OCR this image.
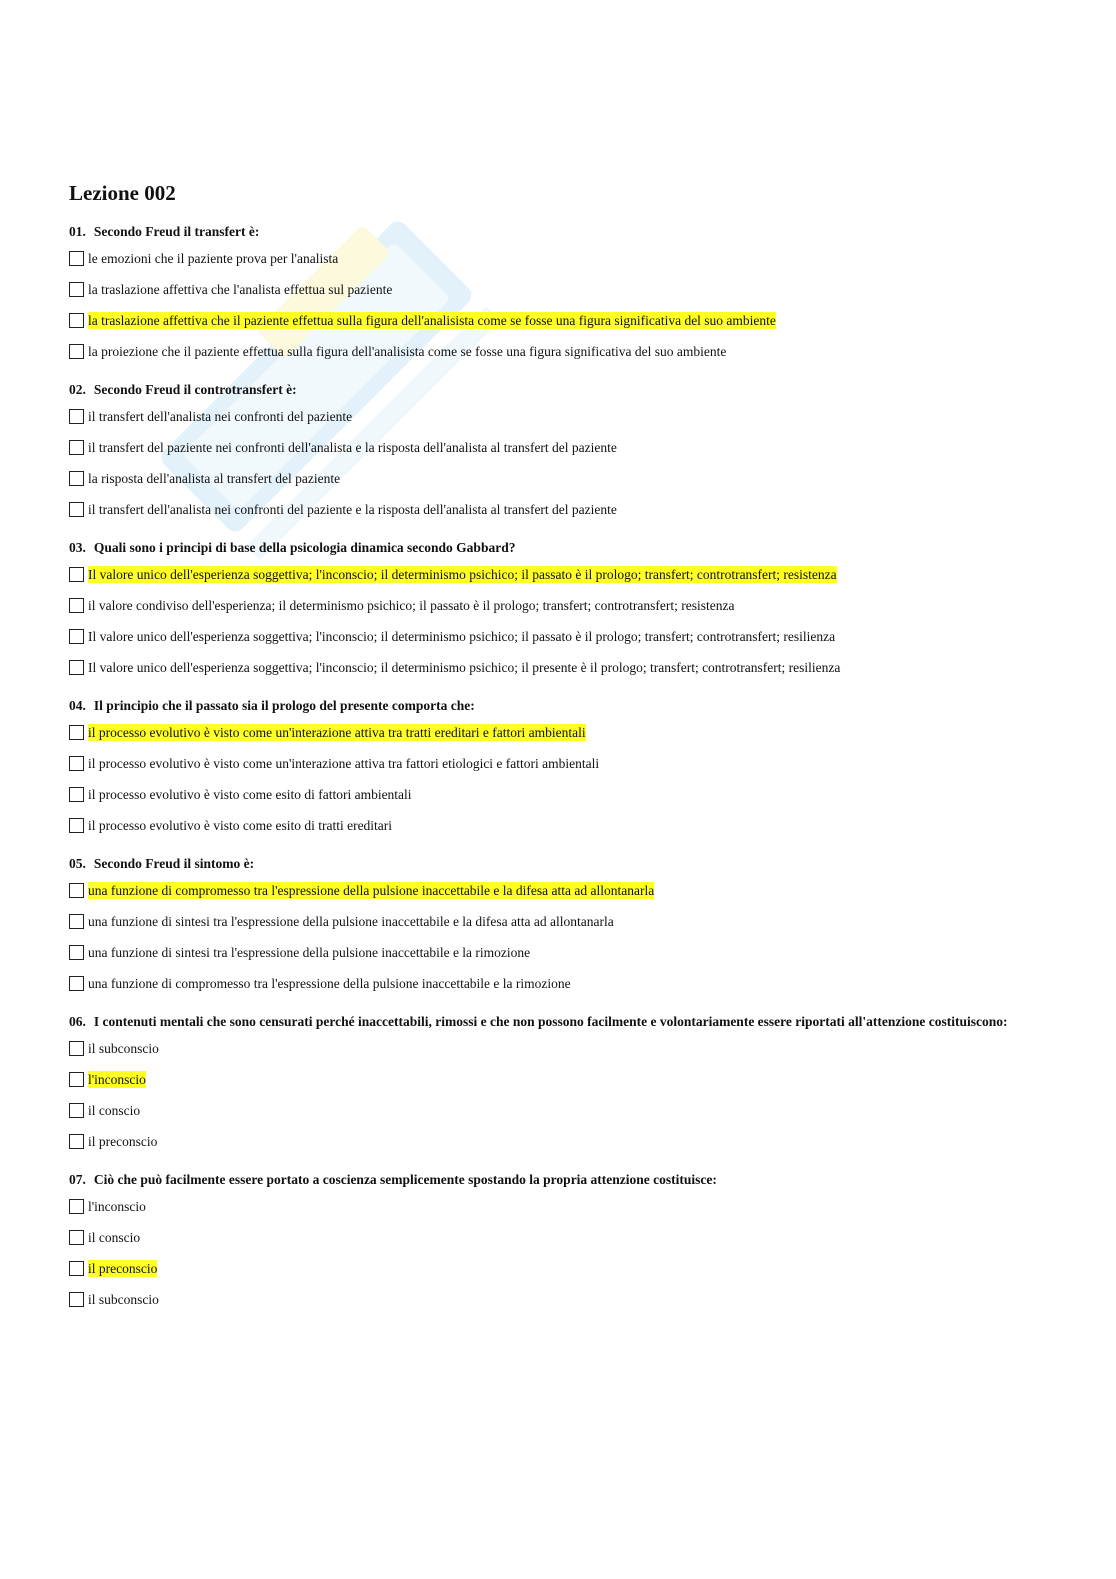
Lezione 002
01. Secondo Freud il transfert è:
le emozioni che il paziente prova per l'analista
la traslazione affettiva che l'analista effettua sul paziente
la traslazione affettiva che il paziente effettua sulla figura dell'analisista come se fosse una figura significativa del suo ambiente
la proiezione che il paziente effettua sulla figura dell'analisista come se fosse una figura significativa del suo ambiente
02. Secondo Freud il controtransfert è:
il transfert dell'analista nei confronti del paziente
il transfert del paziente nei confronti dell'analista e la risposta dell'analista al transfert del paziente
la risposta dell'analista al transfert del paziente
il transfert dell'analista nei confronti del paziente e la risposta dell'analista al transfert del paziente
03. Quali sono i principi di base della psicologia dinamica secondo Gabbard?
Il valore unico dell'esperienza soggettiva; l'inconscio; il determinismo psichico; il passato è il prologo; transfert; controtransfert; resistenza
il valore condiviso dell'esperienza; il determinismo psichico; il passato è il prologo; transfert; controtransfert; resistenza
Il valore unico dell'esperienza soggettiva; l'inconscio; il determinismo psichico; il passato è il prologo; transfert; controtransfert; resilienza
Il valore unico dell'esperienza soggettiva; l'inconscio; il determinismo psichico; il presente è il prologo; transfert; controtransfert; resilienza
04. Il principio che il passato sia il prologo del presente comporta che:
il processo evolutivo è visto come un'interazione attiva tra tratti ereditari e fattori ambientali
il processo evolutivo è visto come un'interazione attiva tra fattori etiologici e fattori ambientali
il processo evolutivo è visto come esito di fattori ambientali
il processo evolutivo è visto come esito di tratti ereditari
05. Secondo Freud il sintomo è:
una funzione di compromesso tra l'espressione della pulsione inaccettabile e la difesa atta ad allontanarla
una funzione di sintesi tra l'espressione della pulsione inaccettabile e la difesa atta ad allontanarla
una funzione di sintesi tra l'espressione della pulsione inaccettabile e la rimozione
una funzione di compromesso tra l'espressione della pulsione inaccettabile e la rimozione
06. I contenuti mentali che sono censurati perché inaccettabili, rimossi e che non possono facilmente e volontariamente essere riportati all'attenzione costituiscono:
il subconscio
l'inconscio
il conscio
il preconscio
07. Ciò che può facilmente essere portato a coscienza semplicemente spostando la propria attenzione costituisce:
l'inconscio
il conscio
il preconscio
il subconscio
